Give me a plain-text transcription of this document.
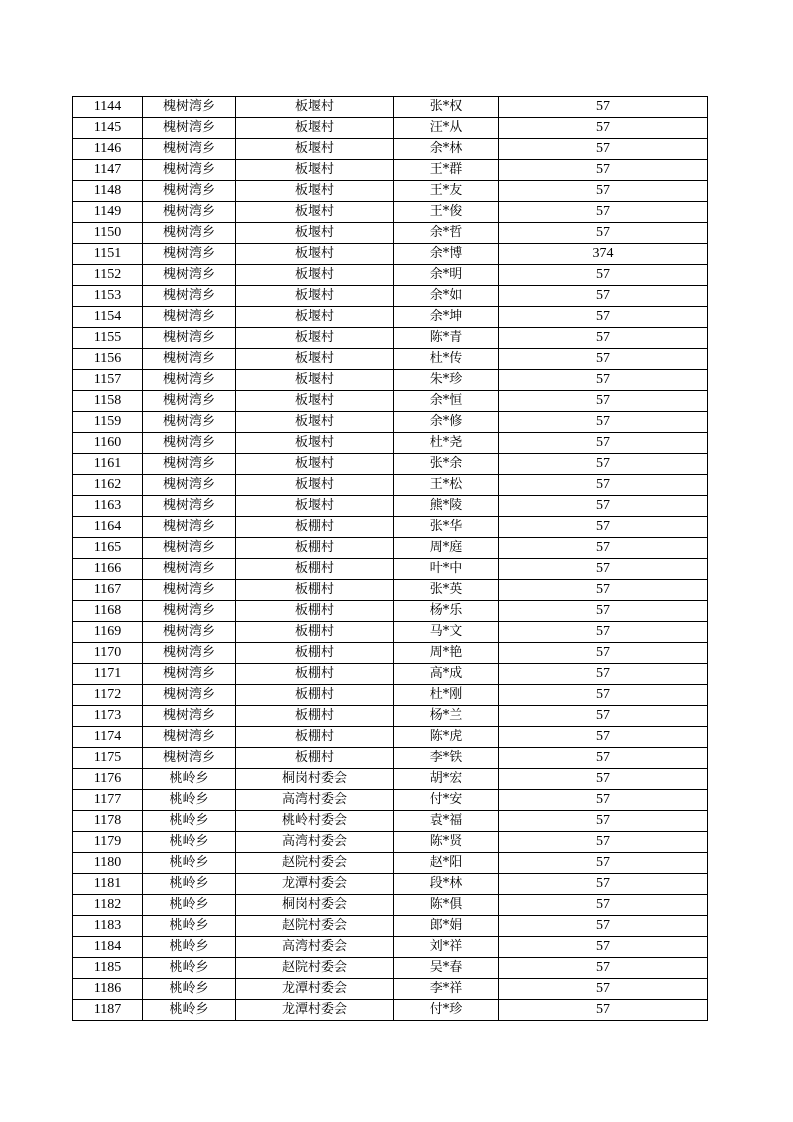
1144	槐树湾乡	板堰村	张*权	57
1145	槐树湾乡	板堰村	汪*从	57
1146	槐树湾乡	板堰村	余*林	57
1147	槐树湾乡	板堰村	王*群	57
1148	槐树湾乡	板堰村	王*友	57
1149	槐树湾乡	板堰村	王*俊	57
1150	槐树湾乡	板堰村	余*哲	57
1151	槐树湾乡	板堰村	余*博	374
1152	槐树湾乡	板堰村	余*明	57
1153	槐树湾乡	板堰村	余*如	57
1154	槐树湾乡	板堰村	余*坤	57
1155	槐树湾乡	板堰村	陈*青	57
1156	槐树湾乡	板堰村	杜*传	57
1157	槐树湾乡	板堰村	朱*珍	57
1158	槐树湾乡	板堰村	余*恒	57
1159	槐树湾乡	板堰村	余*修	57
1160	槐树湾乡	板堰村	杜*尧	57
1161	槐树湾乡	板堰村	张*余	57
1162	槐树湾乡	板堰村	王*松	57
1163	槐树湾乡	板堰村	熊*陵	57
1164	槐树湾乡	板棚村	张*华	57
1165	槐树湾乡	板棚村	周*庭	57
1166	槐树湾乡	板棚村	叶*中	57
1167	槐树湾乡	板棚村	张*英	57
1168	槐树湾乡	板棚村	杨*乐	57
1169	槐树湾乡	板棚村	马*文	57
1170	槐树湾乡	板棚村	周*艳	57
1171	槐树湾乡	板棚村	高*成	57
1172	槐树湾乡	板棚村	杜*刚	57
1173	槐树湾乡	板棚村	杨*兰	57
1174	槐树湾乡	板棚村	陈*虎	57
1175	槐树湾乡	板棚村	李*铁	57
1176	桃岭乡	桐岗村委会	胡*宏	57
1177	桃岭乡	高湾村委会	付*安	57
1178	桃岭乡	桃岭村委会	袁*福	57
1179	桃岭乡	高湾村委会	陈*贤	57
1180	桃岭乡	赵院村委会	赵*阳	57
1181	桃岭乡	龙潭村委会	段*林	57
1182	桃岭乡	桐岗村委会	陈*俱	57
1183	桃岭乡	赵院村委会	郎*娟	57
1184	桃岭乡	高湾村委会	刘*祥	57
1185	桃岭乡	赵院村委会	吴*春	57
1186	桃岭乡	龙潭村委会	李*祥	57
1187	桃岭乡	龙潭村委会	付*珍	57
